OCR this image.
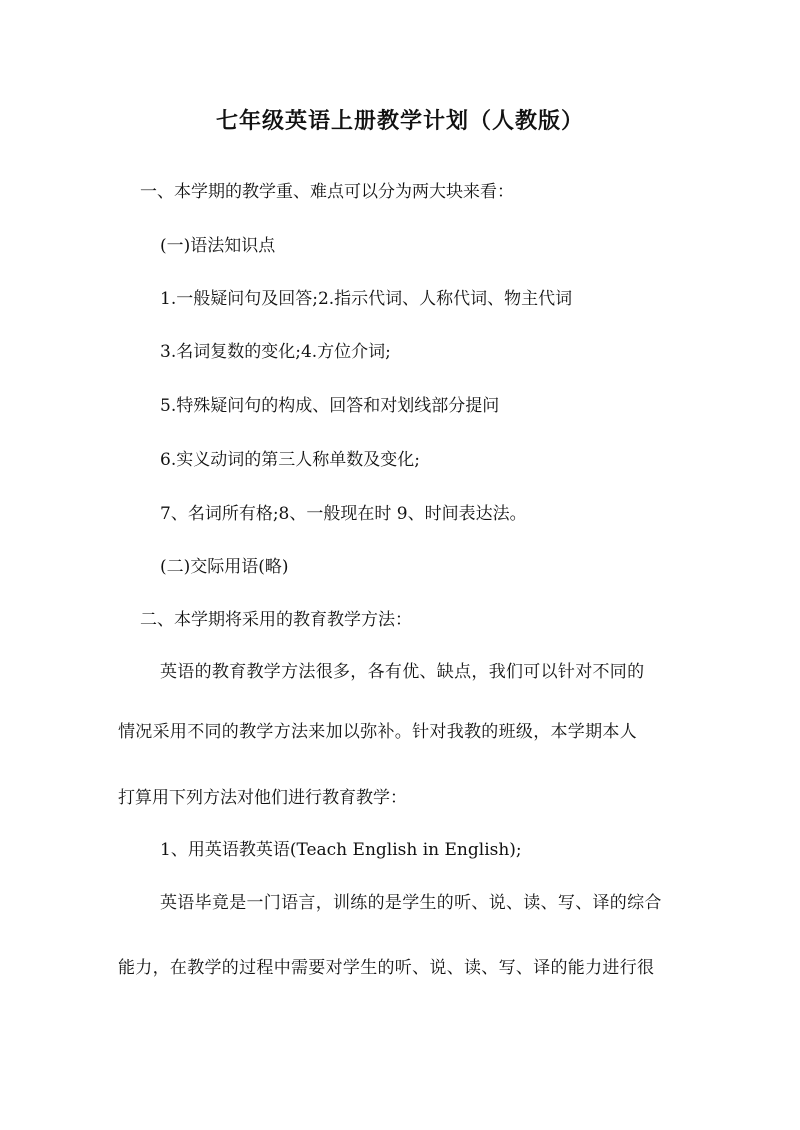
七年级英语上册教学计划（人教版）
一、本学期的教学重、难点可以分为两大块来看：
(一)语法知识点
1.一般疑问句及回答;2.指示代词、人称代词、物主代词
3.名词复数的变化;4.方位介词;
5.特殊疑问句的构成、回答和对划线部分提问
6.实义动词的第三人称单数及变化;
7、名词所有格;8、一般现在时 9、时间表达法。
(二)交际用语(略)
二、本学期将采用的教育教学方法：
英语的教育教学方法很多，各有优、缺点，我们可以针对不同的
情况采用不同的教学方法来加以弥补。针对我教的班级，本学期本人
打算用下列方法对他们进行教育教学：
1、用英语教英语(Teach English in English);
英语毕竟是一门语言，训练的是学生的听、说、读、写、译的综合
能力，在教学的过程中需要对学生的听、说、读、写、译的能力进行很
